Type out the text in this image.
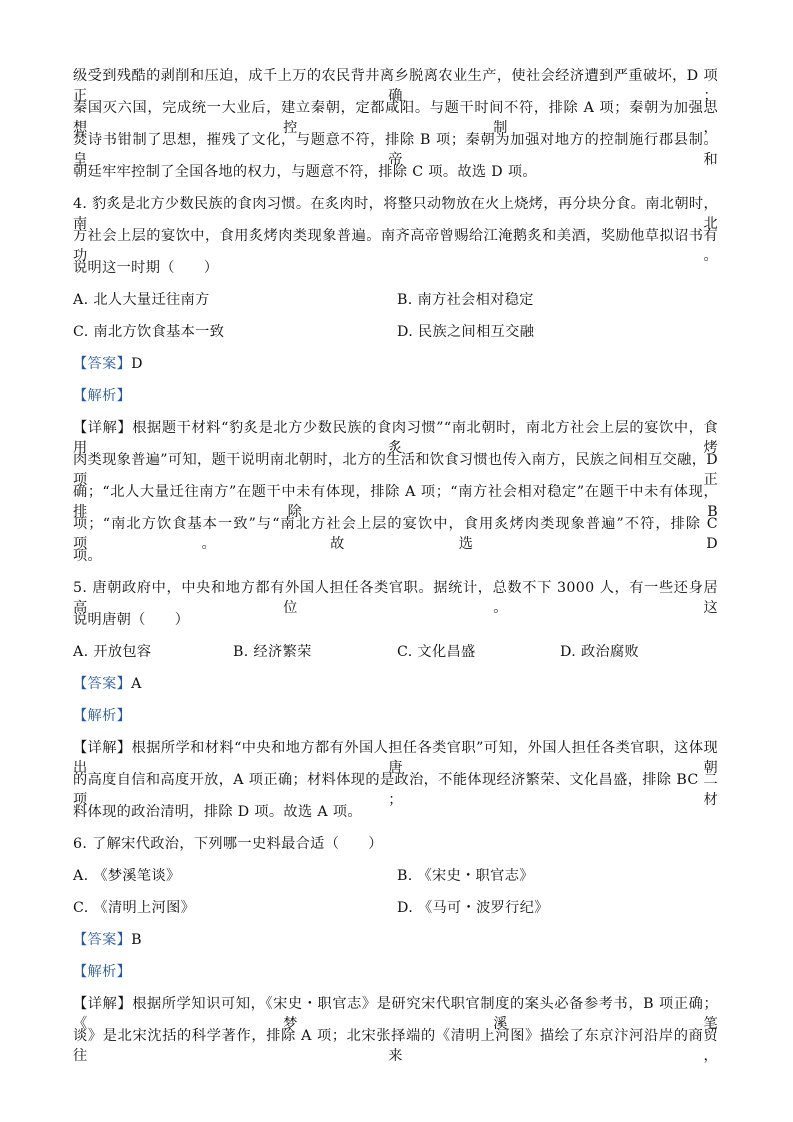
级受到残酷的剥削和压迫，成千上万的农民背井离乡脱离农业生产，使社会经济遭到严重破坏，D 项正确；
秦国灭六国，完成统一大业后，建立秦朝，定都咸阳。与题干时间不符，排除 A 项；秦朝为加强思想控制，
焚诗书钳制了思想，摧残了文化，与题意不符，排除 B 项；秦朝为加强对地方的控制施行郡县制。皇帝和
朝廷牢牢控制了全国各地的权力，与题意不符，排除 C 项。故选 D 项。
4. 豹炙是北方少数民族的食肉习惯。在炙肉时，将整只动物放在火上烧烤，再分块分食。南北朝时，南北
方社会上层的宴饮中，食用炙烤肉类现象普遍。南齐高帝曾赐给江淹鹅炙和美酒，奖励他草拟诏书有功。
说明这一时期（　　）
A. 北人大量迁往南方	B. 南方社会相对稳定
C. 南北方饮食基本一致	D. 民族之间相互交融
【答案】D
【解析】
【详解】根据题干材料“豹炙是北方少数民族的食肉习惯”“南北朝时，南北方社会上层的宴饮中，食用炙烤
肉类现象普遍”可知，题干说明南北朝时，北方的生活和饮食习惯也传入南方，民族之间相互交融，D 项正
确；“北人大量迁往南方”在题干中未有体现，排除 A 项；“南方社会相对稳定”在题干中未有体现，排除 B
项；“南北方饮食基本一致”与“南北方社会上层的宴饮中，食用炙烤肉类现象普遍”不符，排除 C 项。故选 D
项。
5. 唐朝政府中，中央和地方都有外国人担任各类官职。据统计，总数不下 3000 人，有一些还身居高位。这
说明唐朝（　　）
A. 开放包容	B. 经济繁荣	C. 文化昌盛	D. 政治腐败
【答案】A
【解析】
【详解】根据所学和材料“中央和地方都有外国人担任各类官职”可知，外国人担任各类官职，这体现出唐朝
的高度自信和高度开放，A 项正确；材料体现的是政治，不能体现经济繁荣、文化昌盛，排除 BC 二项；材
料体现的政治清明，排除 D 项。故选 A 项。
6. 了解宋代政治，下列哪一史料最合适（　　）
A. 《梦溪笔谈》	B. 《宋史・职官志》
C. 《清明上河图》	D. 《马可・波罗行纪》
【答案】B
【解析】
【详解】根据所学知识可知，《宋史・职官志》是研究宋代职官制度的案头必备参考书，B 项正确；《梦溪笔
谈》是北宋沈括的科学著作，排除 A 项；北宋张择端的《清明上河图》描绘了东京汴河沿岸的商贸往来，
